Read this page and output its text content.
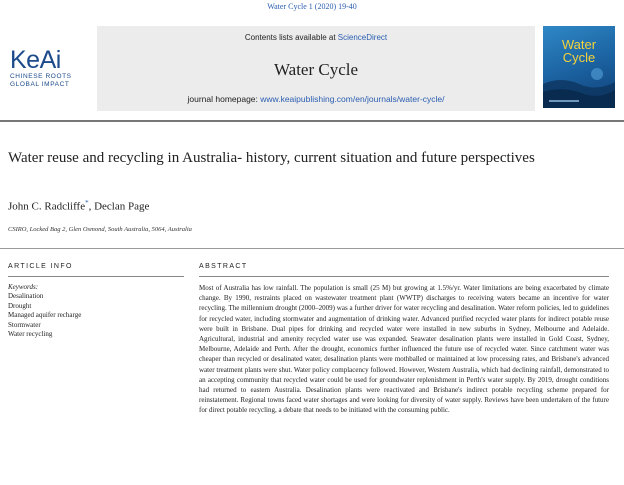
Water Cycle 1 (2020) 19-40
KeAi
CHINESE ROOTS
GLOBAL IMPACT
Contents lists available at ScienceDirect
Water Cycle
journal homepage: www.keaipublishing.com/en/journals/water-cycle/
Water
Cycle
Water reuse and recycling in Australia- history, current situation and future perspectives
John C. Radcliffe*, Declan Page
CSIRO, Locked Bag 2, Glen Osmond, South Australia, 5064, Australia
ARTICLE INFO	ABSTRACT
Keywords:
Desalination
Drought
Managed aquifer recharge
Stormwater
Water recycling

Most of Australia has low rainfall. The population is small (25 M) but growing at 1.5%/yr. Water limitations are being exacerbated by climate change. By 1990, restraints placed on wastewater treatment plant (WWTP) discharges to receiving waters became an incentive for water recycling. The millennium drought (2000–2009) was a further driver for water recycling and desalination. Water reform policies, led to guidelines for recycled water, including stormwater and augmentation of drinking water. Advanced purified recycled water plants for indirect potable reuse were built in Brisbane. Dual pipes for drinking and recycled water were installed in new suburbs in Sydney, Melbourne and Adelaide. Agricultural, industrial and amenity recycled water use was expanded. Seawater desalination plants were installed in Gold Coast, Sydney, Melbourne, Adelaide and Perth. After the drought, economics further influenced the future use of recycled water. Since catchment water was cheaper than recycled or desalinated water, desalination plants were mothballed or maintained at low processing rates, and Brisbane's advanced water treatment plants were shut. Water policy complacency followed. However, Western Australia, which had declining rainfall, demonstrated to an accepting community that recycled water could be used for groundwater replenishment in Perth's water supply. By 2019, drought conditions had returned to eastern Australia. Desalination plants were reactivated and Brisbane's indirect potable recycling scheme prepared for reinstatement. Regional towns faced water shortages and were looking for diversity of water supply. Reviews have been undertaken of the future for direct potable recycling, a debate that needs to be initiated with the consuming public.
